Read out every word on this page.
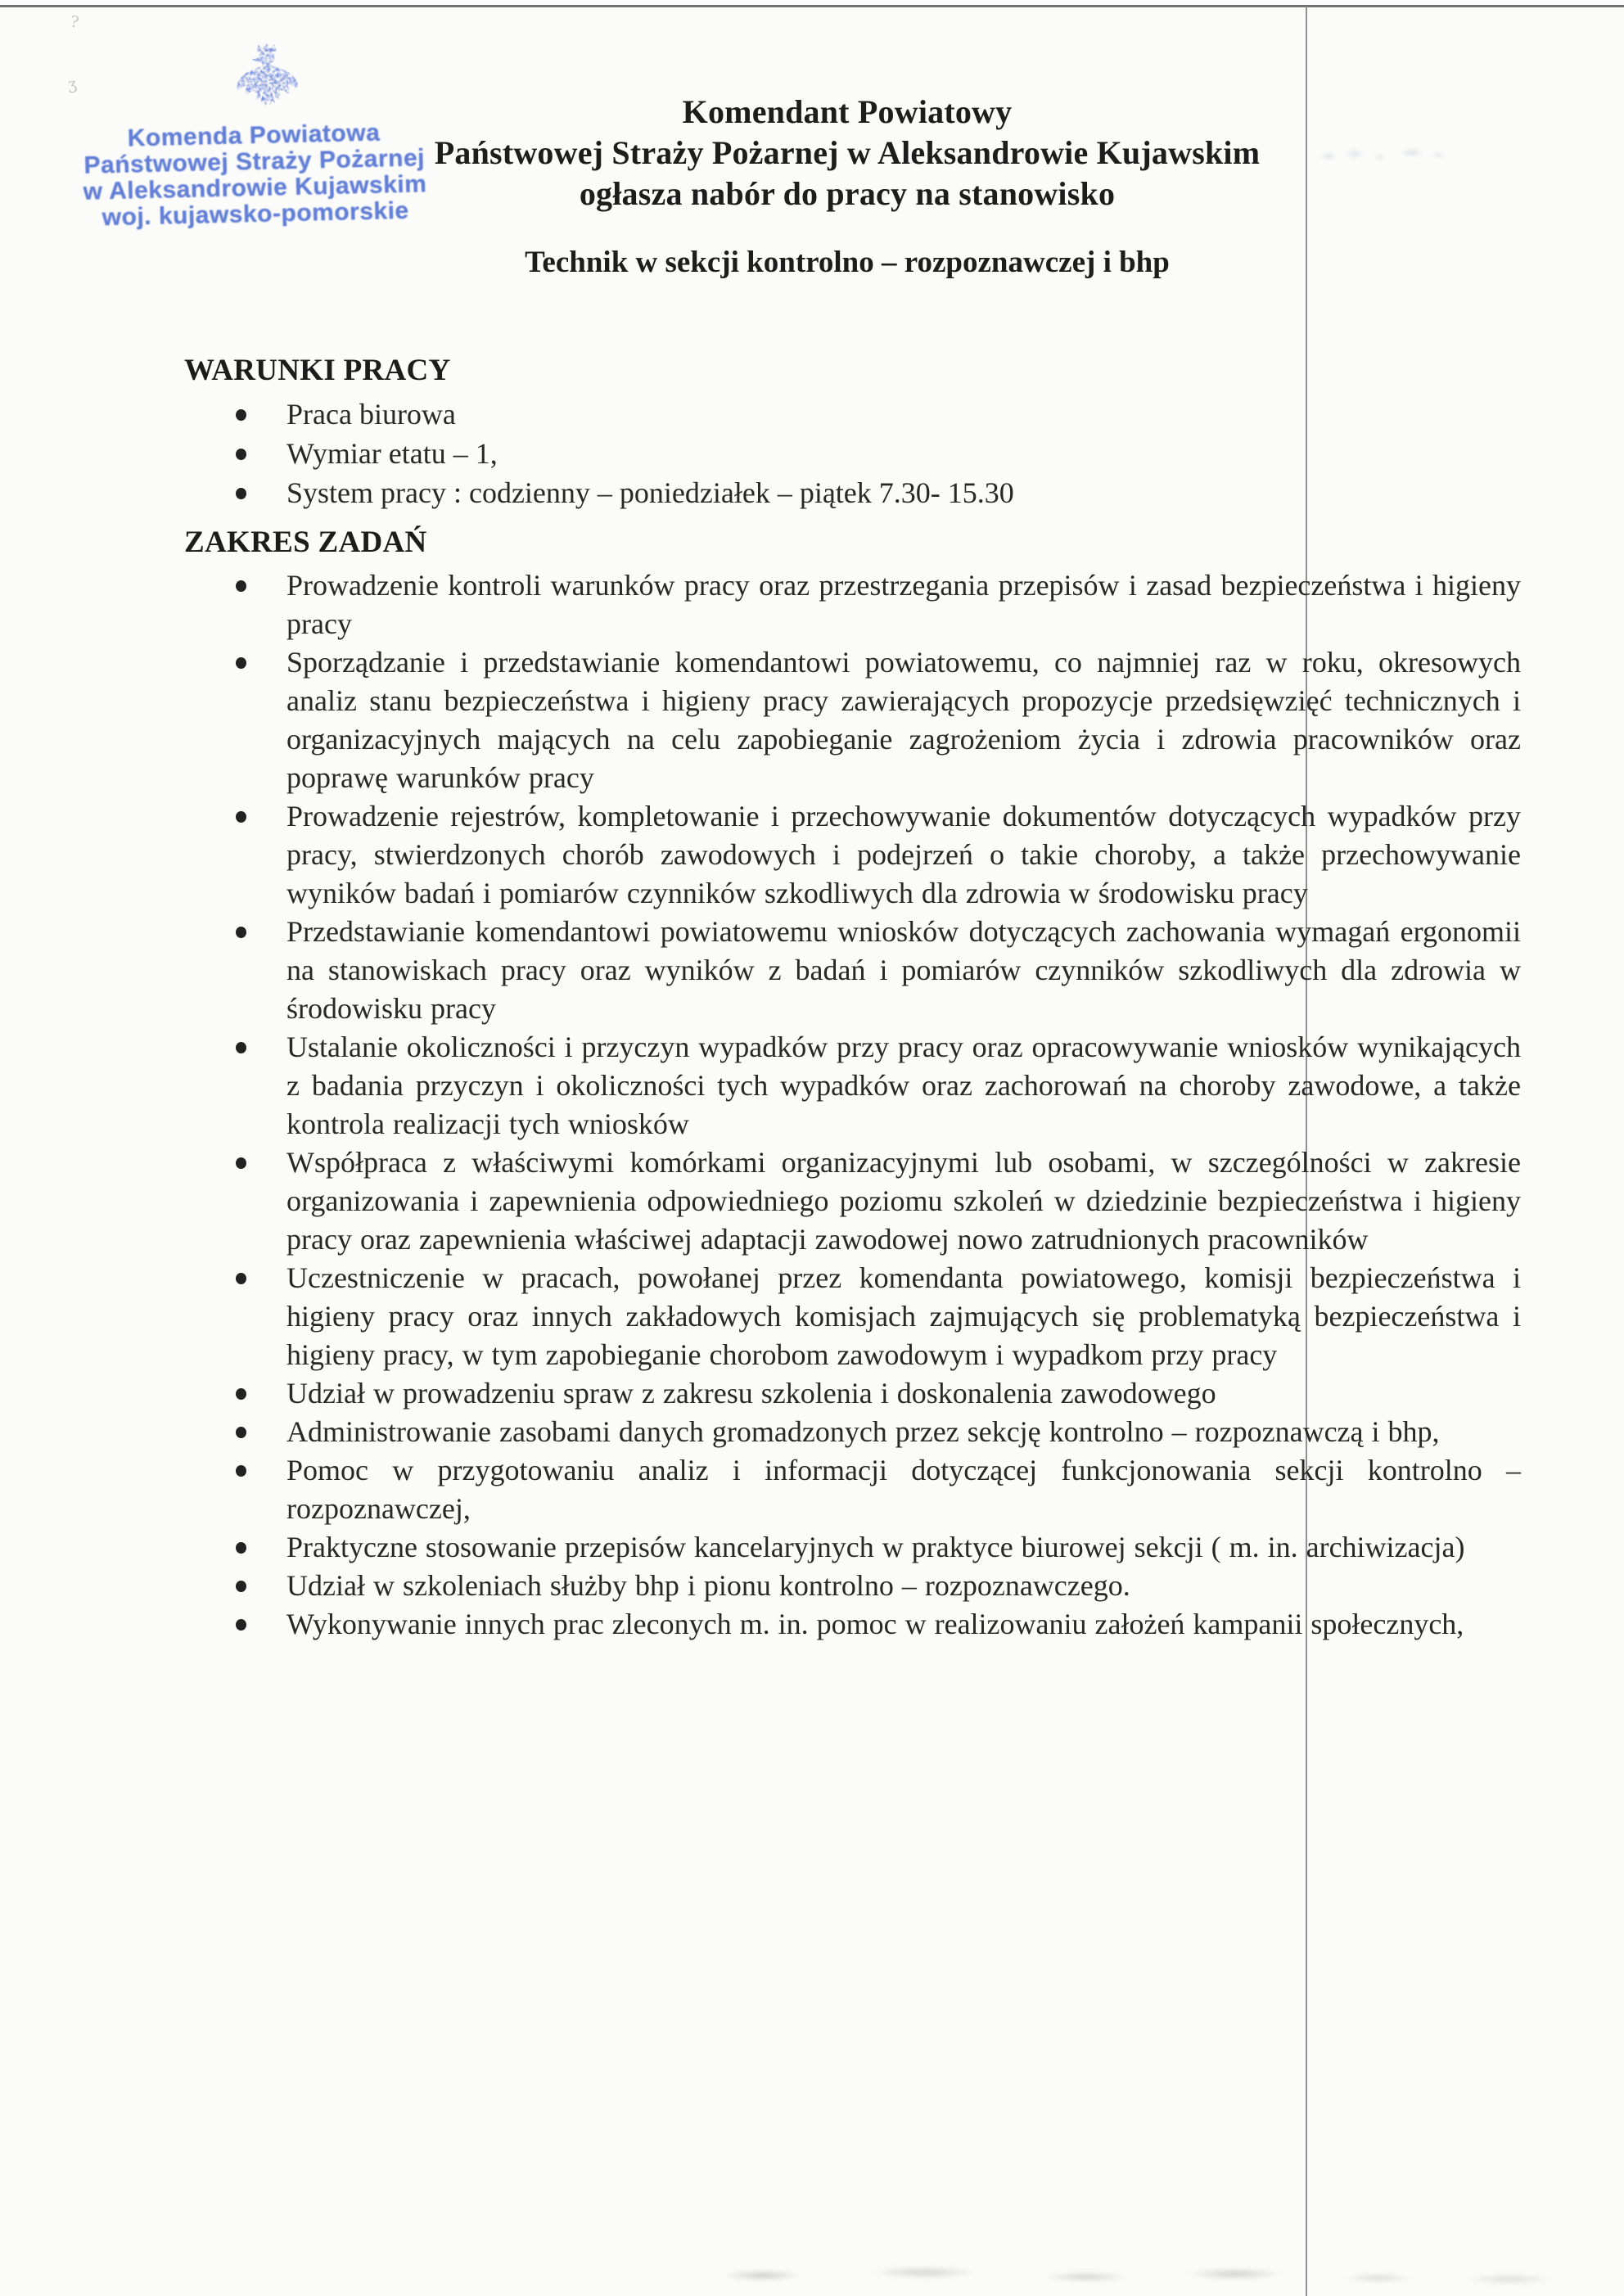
?
ʒ
Komenda Powiatowa
Państwowej Straży Pożarnej
w Aleksandrowie Kujawskim
woj. kujawsko-pomorskie
Komendant Powiatowy
Państwowej Straży Pożarnej w Aleksandrowie Kujawskim
ogłasza nabór do pracy na stanowisko
Technik w sekcji kontrolno – rozpoznawczej i bhp
WARUNKI PRACY
Praca biurowa
Wymiar etatu – 1,
System pracy : codzienny – poniedziałek – piątek 7.30- 15.30
ZAKRES ZADAŃ
Prowadzenie kontroli warunków pracy oraz przestrzegania przepisów i zasad bezpieczeństwa i higieny pracy
Sporządzanie i przedstawianie komendantowi powiatowemu, co najmniej raz w roku, okresowych analiz stanu bezpieczeństwa i higieny pracy zawierających propozycje przedsięwzięć technicznych i organizacyjnych mających na celu zapobieganie zagrożeniom życia i zdrowia pracowników oraz poprawę warunków pracy
Prowadzenie rejestrów, kompletowanie i przechowywanie dokumentów dotyczących wypadków przy pracy, stwierdzonych chorób zawodowych i podejrzeń o takie choroby, a także przechowywanie wyników badań i pomiarów czynników szkodliwych dla zdrowia w środowisku pracy
Przedstawianie komendantowi powiatowemu wniosków dotyczących zachowania wymagań ergonomii na stanowiskach pracy oraz wyników z badań i pomiarów czynników szkodliwych dla zdrowia w środowisku pracy
Ustalanie okoliczności i przyczyn wypadków przy pracy oraz opracowywanie wniosków wynikających z badania przyczyn i okoliczności tych wypadków oraz zachorowań na choroby zawodowe, a także kontrola realizacji tych wniosków
Współpraca z właściwymi komórkami organizacyjnymi lub osobami, w szczególności w zakresie organizowania i zapewnienia odpowiedniego poziomu szkoleń w dziedzinie bezpieczeństwa i higieny pracy oraz zapewnienia właściwej adaptacji zawodowej nowo zatrudnionych pracowników
Uczestniczenie w pracach, powołanej przez komendanta powiatowego, komisji bezpieczeństwa i higieny pracy oraz innych zakładowych komisjach zajmujących się problematyką bezpieczeństwa i higieny pracy, w tym zapobieganie chorobom zawodowym i wypadkom przy pracy
Udział w prowadzeniu spraw z zakresu szkolenia i doskonalenia zawodowego
Administrowanie zasobami danych gromadzonych przez sekcję kontrolno – rozpoznawczą i bhp,
Pomoc w przygotowaniu analiz i informacji dotyczącej funkcjonowania sekcji kontrolno – rozpoznawczej,
Praktyczne stosowanie przepisów kancelaryjnych w praktyce biurowej sekcji ( m. in. archiwizacja)
Udział w szkoleniach służby bhp i pionu kontrolno – rozpoznawczego.
Wykonywanie innych prac zleconych m. in. pomoc w realizowaniu założeń kampanii społecznych,
